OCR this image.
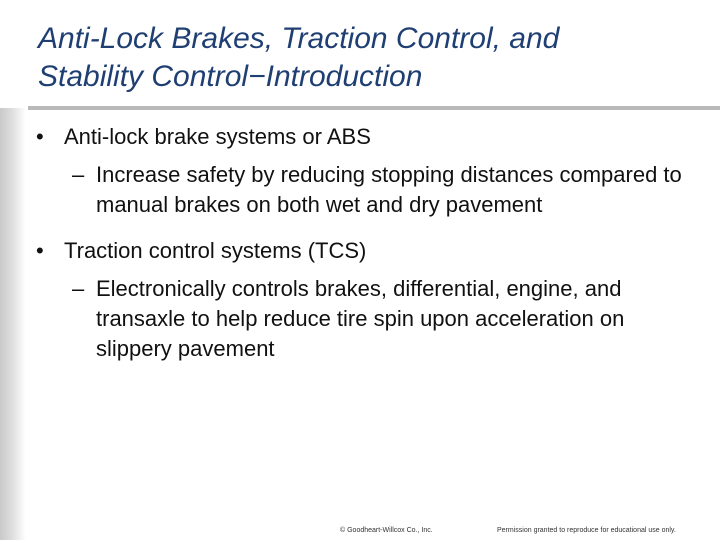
Anti-Lock Brakes, Traction Control, and
Stability Control−Introduction
• Anti-lock brake systems or ABS
– Increase safety by reducing stopping distances compared to manual brakes on both wet and dry pavement
• Traction control systems (TCS)
– Electronically controls brakes, differential, engine, and transaxle to help reduce tire spin upon acceleration on slippery pavement
© Goodheart-Willcox Co., Inc.	Permission granted to reproduce for educational use only.
